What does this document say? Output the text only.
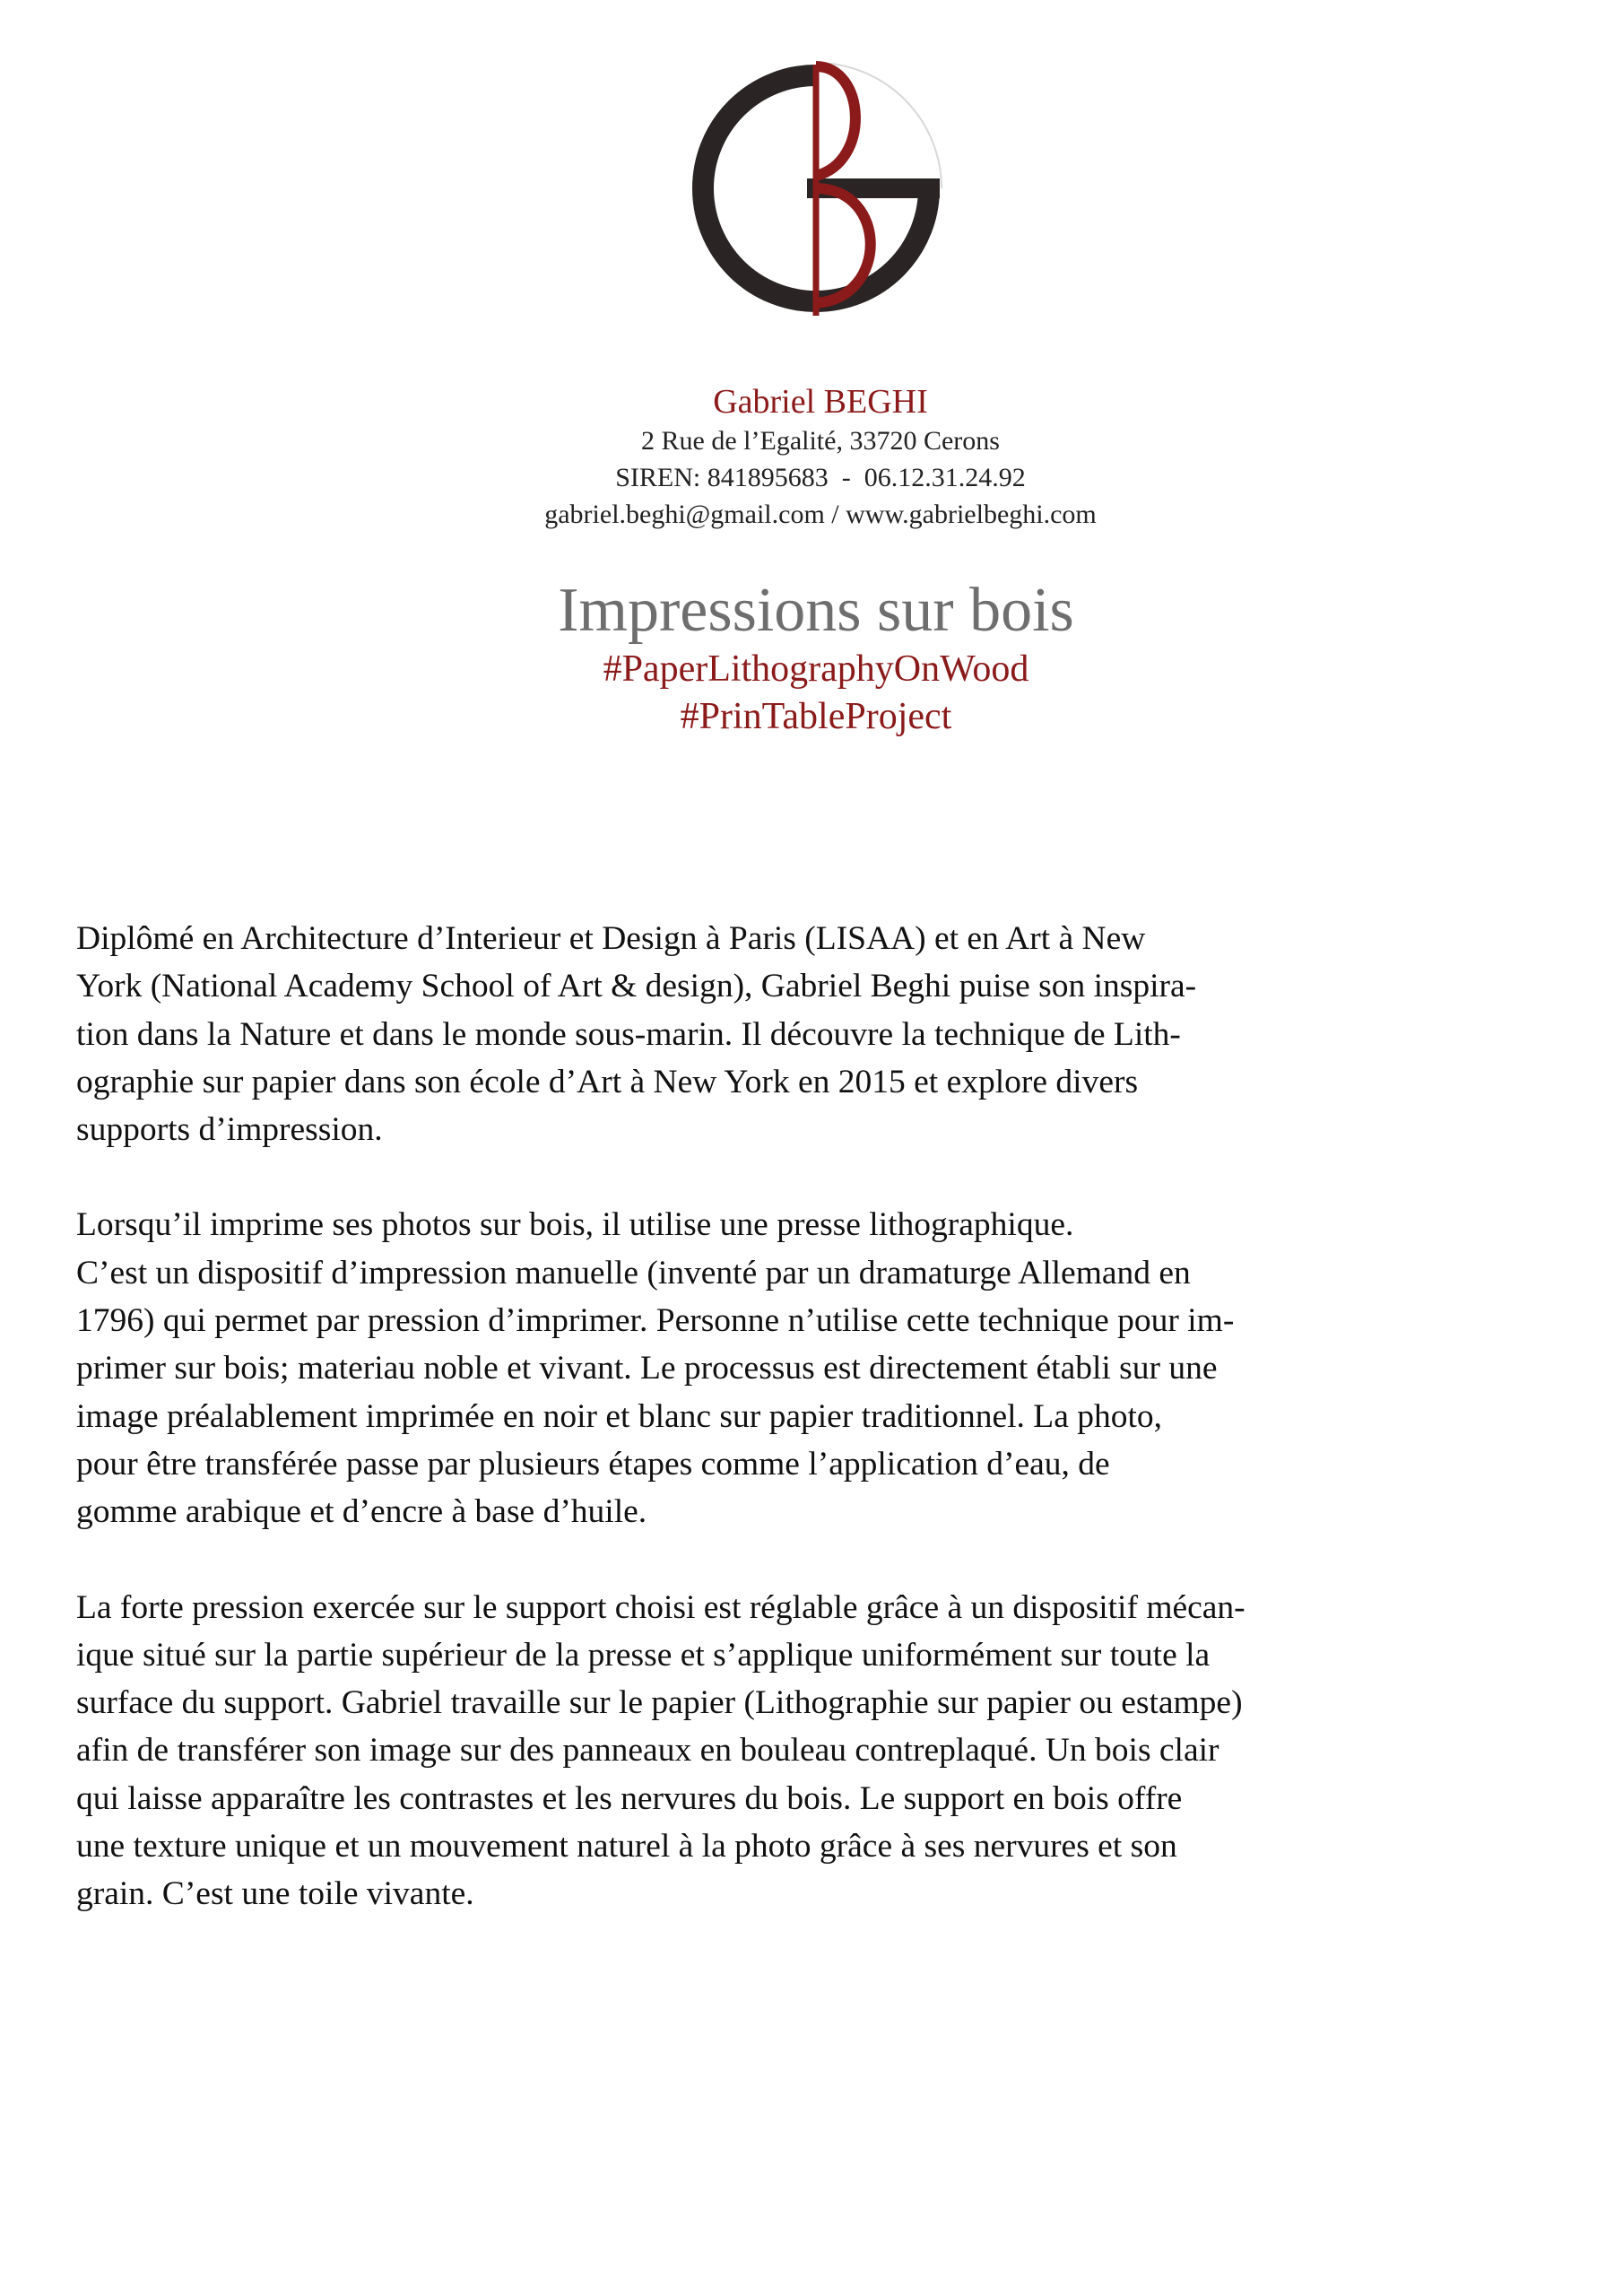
Gabriel BEGHI
2 Rue de l’Egalité, 33720 Cerons
SIREN: 841895683  -  06.12.31.24.92
gabriel.beghi@gmail.com / www.gabrielbeghi.com
Impressions sur bois
#PaperLithographyOnWood
#PrinTableProject
Diplômé en Architecture d’Interieur et Design à Paris (LISAA) et en Art à New
York (National Academy School of Art & design), Gabriel Beghi puise son inspira-
tion dans la Nature et dans le monde sous-marin. Il découvre la technique de Lith-
ographie sur papier dans son école d’Art à New York en 2015 et explore divers
supports d’impression.
Lorsqu’il imprime ses photos sur bois, il utilise une presse lithographique.
C’est un dispositif d’impression manuelle (inventé par un dramaturge Allemand en
1796) qui permet par pression d’imprimer. Personne n’utilise cette technique pour im-
primer sur bois; materiau noble et vivant. Le processus est directement établi sur une
image préalablement imprimée en noir et blanc sur papier traditionnel. La photo,
pour être transférée passe par plusieurs étapes comme l’application d’eau, de
gomme arabique et d’encre à base d’huile.
La forte pression exercée sur le support choisi est réglable grâce à un dispositif mécan-
ique situé sur la partie supérieur de la presse et s’applique uniformément sur toute la
surface du support. Gabriel travaille sur le papier (Lithographie sur papier ou estampe)
afin de transférer son image sur des panneaux en bouleau contreplaqué. Un bois clair
qui laisse apparaître les contrastes et les nervures du bois. Le support en bois offre
une texture unique et un mouvement naturel à la photo grâce à ses nervures et son
grain. C’est une toile vivante.
